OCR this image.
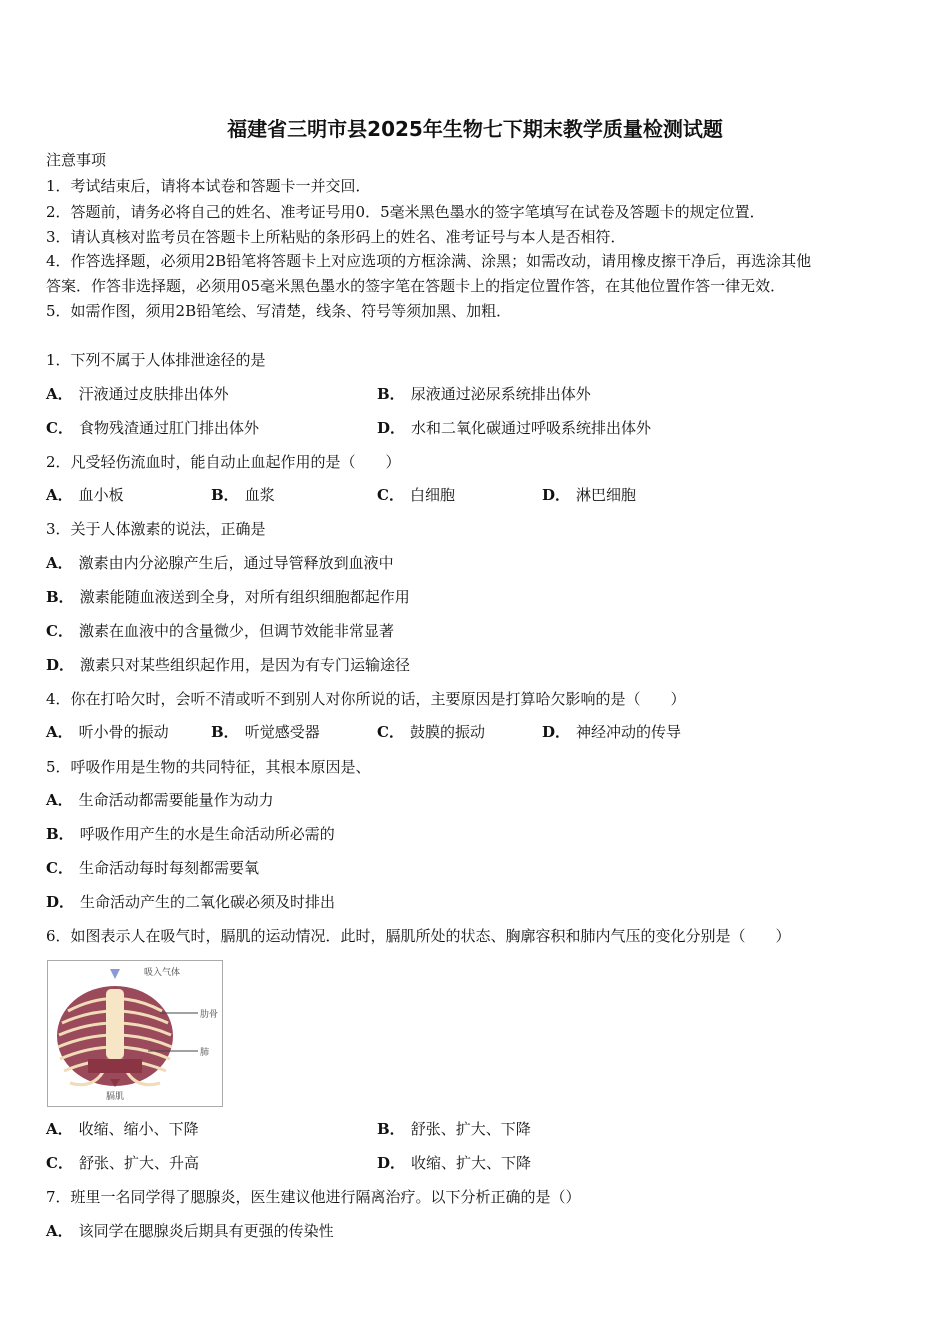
福建省三明市县2025年生物七下期末教学质量检测试题
注意事项
1．考试结束后，请将本试卷和答题卡一并交回．
2．答题前，请务必将自己的姓名、准考证号用0．5毫米黑色墨水的签字笔填写在试卷及答题卡的规定位置．
3．请认真核对监考员在答题卡上所粘贴的条形码上的姓名、准考证号与本人是否相符．
4．作答选择题，必须用2B铅笔将答题卡上对应选项的方框涂满、涂黑；如需改动，请用橡皮擦干净后，再选涂其他
答案．作答非选择题，必须用05毫米黑色墨水的签字笔在答题卡上的指定位置作答，在其他位置作答一律无效．
5．如需作图，须用2B铅笔绘、写清楚，线条、符号等须加黑、加粗．
1．下列不属于人体排泄途径的是
A． 汗液通过皮肤排出体外	B． 尿液通过泌尿系统排出体外
C． 食物残渣通过肛门排出体外	D． 水和二氧化碳通过呼吸系统排出体外
2．凡受轻伤流血时，能自动止血起作用的是（　　）
A． 血小板	B． 血浆	C． 白细胞	D． 淋巴细胞
3．关于人体激素的说法，正确是
A． 激素由内分泌腺产生后，通过导管释放到血液中
B． 激素能随血液送到全身，对所有组织细胞都起作用
C． 激素在血液中的含量微少，但调节效能非常显著
D． 激素只对某些组织起作用，是因为有专门运输途径
4．你在打哈欠时，会听不清或听不到别人对你所说的话，主要原因是打算哈欠影响的是（　　）
A． 听小骨的振动	B． 听觉感受器	C． 鼓膜的振动	D． 神经冲动的传导
5．呼吸作用是生物的共同特征，其根本原因是、
A． 生命活动都需要能量作为动力
B． 呼吸作用产生的水是生命活动所必需的
C． 生命活动每时每刻都需要氧
D． 生命活动产生的二氧化碳必须及时排出
6．如图表示人在吸气时，膈肌的运动情况．此时，膈肌所处的状态、胸廓容积和肺内气压的变化分别是（　　）
吸入气体
肋骨
肺
膈肌
A． 收缩、缩小、下降	B． 舒张、扩大、下降
C． 舒张、扩大、升高	D． 收缩、扩大、下降
7．班里一名同学得了腮腺炎，医生建议他进行隔离治疗。以下分析正确的是（）
A． 该同学在腮腺炎后期具有更强的传染性
